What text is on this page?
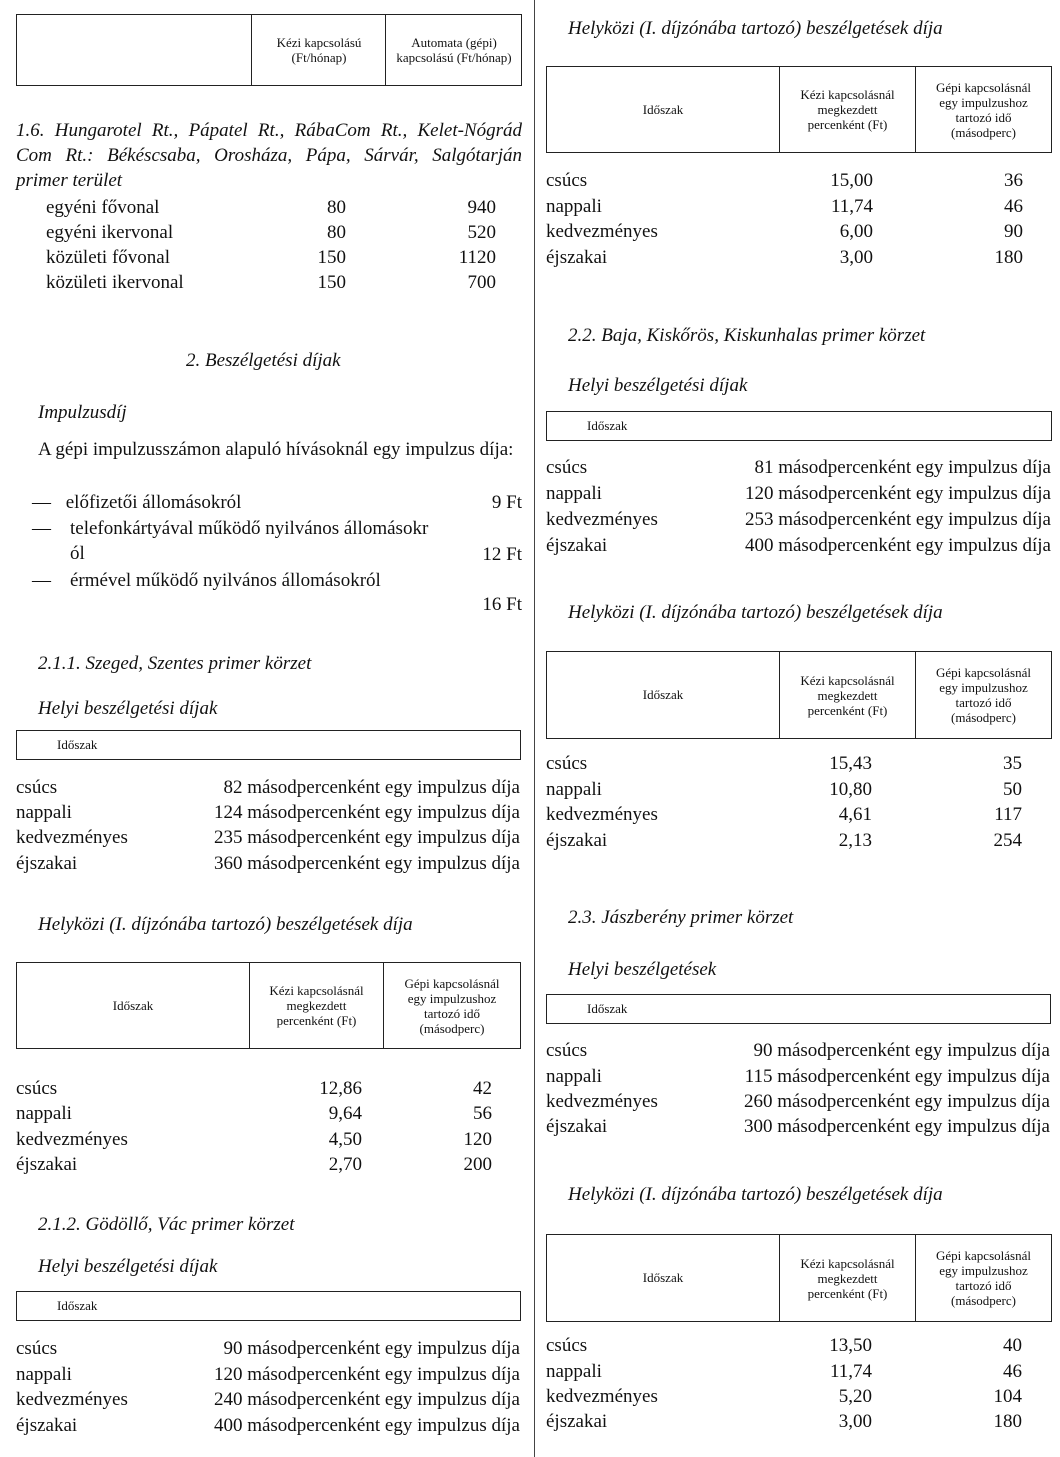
Kézi kapcsolású (Ft/hónap)
Automata (gépi) kapcsolású (Ft/hónap)
1.6. Hungarotel Rt., Pápatel Rt., RábaCom Rt., Kelet-Nógrád Com Rt.: Békéscsaba, Orosháza, Pápa, Sárvár, Salgótarján primer terület
egyéni fővonal	80	940
egyéni ikervonal	80	520
közületi fővonal	150	1120
közületi ikervonal	150	700
2. Beszélgetési díjak
Impulzusdíj
A gépi impulzusszámon alapuló hívásoknál egy impulzus díja:
— előfizetői állomásokról	9 Ft
— telefonkártyával működő nyilvános állomásokról	12 Ft
— érmével működő nyilvános állomásokról
16 Ft
2.1.1. Szeged, Szentes primer körzet
Helyi beszélgetési díjak
Időszak
csúcs	82 másodpercenként egy impulzus díja
nappali	124 másodpercenként egy impulzus díja
kedvezményes	235 másodpercenként egy impulzus díja
éjszakai	360 másodpercenként egy impulzus díja
Helyközi (I. díjzónába tartozó) beszélgetések díja
Időszak
Kézi kapcsolásnál megkezdett percenként (Ft)
Gépi kapcsolásnál egy impulzushoz tartozó idő (másodperc)
csúcs	12,86	42
nappali	9,64	56
kedvezményes	4,50	120
éjszakai	2,70	200
2.1.2. Gödöllő, Vác primer körzet
Helyi beszélgetési díjak
Időszak
csúcs	90 másodpercenként egy impulzus díja
nappali	120 másodpercenként egy impulzus díja
kedvezményes	240 másodpercenként egy impulzus díja
éjszakai	400 másodpercenként egy impulzus díja
Helyközi (I. díjzónába tartozó) beszélgetések díja
Időszak
Kézi kapcsolásnál megkezdett percenként (Ft)
Gépi kapcsolásnál egy impulzushoz tartozó idő (másodperc)
csúcs	15,00	36
nappali	11,74	46
kedvezményes	6,00	90
éjszakai	3,00	180
2.2. Baja, Kiskőrös, Kiskunhalas primer körzet
Helyi beszélgetési díjak
Időszak
csúcs	81 másodpercenként egy impulzus díja
nappali	120 másodpercenként egy impulzus díja
kedvezményes	253 másodpercenként egy impulzus díja
éjszakai	400 másodpercenként egy impulzus díja
Helyközi (I. díjzónába tartozó) beszélgetések díja
Időszak
Kézi kapcsolásnál megkezdett percenként (Ft)
Gépi kapcsolásnál egy impulzushoz tartozó idő (másodperc)
csúcs	15,43	35
nappali	10,80	50
kedvezményes	4,61	117
éjszakai	2,13	254
2.3. Jászberény primer körzet
Helyi beszélgetések
Időszak
csúcs	90 másodpercenként egy impulzus díja
nappali	115 másodpercenként egy impulzus díja
kedvezményes	260 másodpercenként egy impulzus díja
éjszakai	300 másodpercenként egy impulzus díja
Helyközi (I. díjzónába tartozó) beszélgetések díja
Időszak
Kézi kapcsolásnál megkezdett percenként (Ft)
Gépi kapcsolásnál egy impulzushoz tartozó idő (másodperc)
csúcs	13,50	40
nappali	11,74	46
kedvezményes	5,20	104
éjszakai	3,00	180
